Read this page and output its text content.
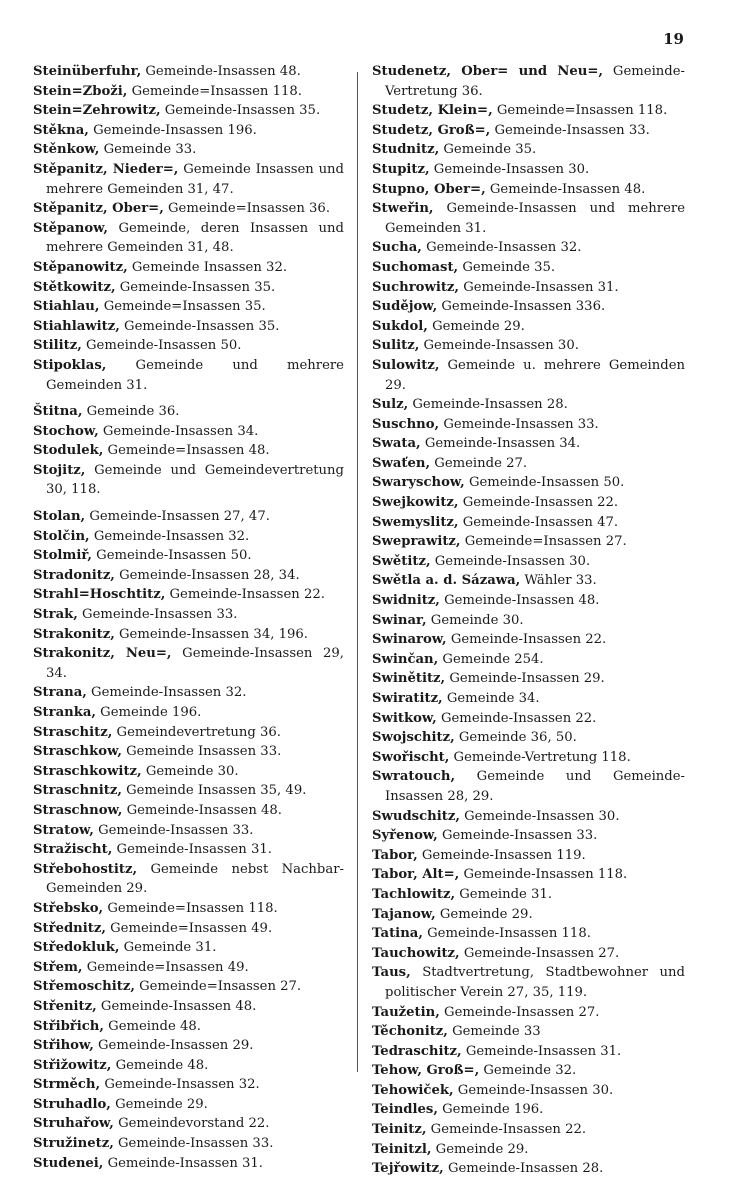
19

Steinüberfuhr, Gemeinde-Insassen 48.

Stein=Zboži, Gemeinde=Insassen 118.

Stein=Zehrowitz, Gemeinde-Insassen 35.

Stěkna, Gemeinde-Insassen 196.

Stěnkow, Gemeinde 33.

Stěpanitz, Nieder=, Gemeinde Insassen und mehrere Gemeinden 31, 47.

Stěpanitz, Ober=, Gemeinde=Insassen 36.

Stěpanow, Gemeinde, deren Insassen und mehrere Gemeinden 31, 48.

Stěpanowitz, Gemeinde Insassen 32.

Stětkowitz, Gemeinde-Insassen 35.

Stiahlau, Gemeinde=Insassen 35.

Stiahlawitz, Gemeinde-Insassen 35.

Stilitz, Gemeinde-Insassen 50.

Stipoklas, Gemeinde und mehrere Gemeinden 31.

Štitna, Gemeinde 36.

Stochow, Gemeinde-Insassen 34.

Stodulek, Gemeinde=Insassen 48.

Stojitz, Gemeinde und Gemeindevertretung 30, 118.

Stolan, Gemeinde-Insassen 27, 47.

Stolčin, Gemeinde-Insassen 32.

Stolmiř, Gemeinde-Insassen 50.

Stradonitz, Gemeinde-Insassen 28, 34.

Strahl=Hoschtitz, Gemeinde-Insassen 22.

Strak, Gemeinde-Insassen 33.

Strakonitz, Gemeinde-Insassen 34, 196.

Strakonitz, Neu=, Gemeinde-Insassen 29, 34.

Strana, Gemeinde-Insassen 32.

Stranka, Gemeinde 196.

Straschitz, Gemeindevertretung 36.

Straschkow, Gemeinde Insassen 33.

Straschkowitz, Gemeinde 30.

Straschnitz, Gemeinde Insassen 35, 49.

Straschnow, Gemeinde-Insassen 48.

Stratow, Gemeinde-Insassen 33.

Stražischt, Gemeinde-Insassen 31.

Střebohostitz, Gemeinde nebst Nachbar-Gemeinden 29.

Střebsko, Gemeinde=Insassen 118.

Střednitz, Gemeinde=Insassen 49.

Středokluk, Gemeinde 31.

Střem, Gemeinde=Insassen 49.

Střemoschitz, Gemeinde=Insassen 27.

Střenitz, Gemeinde-Insassen 48.

Střibřich, Gemeinde 48.

Střihow, Gemeinde-Insassen 29.

Střižowitz, Gemeinde 48.

Strměch, Gemeinde-Insassen 32.

Struhadlo, Gemeinde 29.

Struhařow, Gemeindevorstand 22.

Stružinetz, Gemeinde-Insassen 33.

Studenei, Gemeinde-Insassen 31.

Studenetz, Ober= und Neu=, Gemeinde-Vertretung 36.

Studetz, Klein=, Gemeinde=Insassen 118.

Studetz, Groß=, Gemeinde-Insassen 33.

Studnitz, Gemeinde 35.

Stupitz, Gemeinde-Insassen 30.

Stupno, Ober=, Gemeinde-Insassen 48.

Stweřin, Gemeinde-Insassen und mehrere Gemeinden 31.

Sucha, Gemeinde-Insassen 32.

Suchomast, Gemeinde 35.

Suchrowitz, Gemeinde-Insassen 31.

Sudějow, Gemeinde-Insassen 336.

Sukdol, Gemeinde 29.

Sulitz, Gemeinde-Insassen 30.

Sulowitz, Gemeinde u. mehrere Gemeinden 29.

Sulz, Gemeinde-Insassen 28.

Suschno, Gemeinde-Insassen 33.

Swata, Gemeinde-Insassen 34.

Swaťen, Gemeinde 27.

Swaryschow, Gemeinde-Insassen 50.

Swejkowitz, Gemeinde-Insassen 22.

Swemyslitz, Gemeinde-Insassen 47.

Sweprawitz, Gemeinde=Insassen 27.

Swětitz, Gemeinde-Insassen 30.

Swětla a. d. Sázawa, Wähler 33.

Swidnitz, Gemeinde-Insassen 48.

Swinar, Gemeinde 30.

Swinarow, Gemeinde-Insassen 22.

Swinčan, Gemeinde 254.

Swinětitz, Gemeinde-Insassen 29.

Swiratitz, Gemeinde 34.

Switkow, Gemeinde-Insassen 22.

Swojschitz, Gemeinde 36, 50.

Swořischt, Gemeinde-Vertretung 118.

Swratouch, Gemeinde und Gemeinde-Insassen 28, 29.

Swudschitz, Gemeinde-Insassen 30.

Syřenow, Gemeinde-Insassen 33.

Tabor, Gemeinde-Insassen 119.

Tabor, Alt=, Gemeinde-Insassen 118.

Tachlowitz, Gemeinde 31.

Tajanow, Gemeinde 29.

Tatina, Gemeinde-Insassen 118.

Tauchowitz, Gemeinde-Insassen 27.

Taus, Stadtvertretung, Stadtbewohner und politischer Verein 27, 35, 119.

Taužetin, Gemeinde-Insassen 27.

Těchonitz, Gemeinde 33

Tedraschitz, Gemeinde-Insassen 31.

Tehow, Groß=, Gemeinde 32.

Tehowiček, Gemeinde-Insassen 30.

Teindles, Gemeinde 196.

Teinitz, Gemeinde-Insassen 22.

Teinitzl, Gemeinde 29.

Tejřowitz, Gemeinde-Insassen 28.
